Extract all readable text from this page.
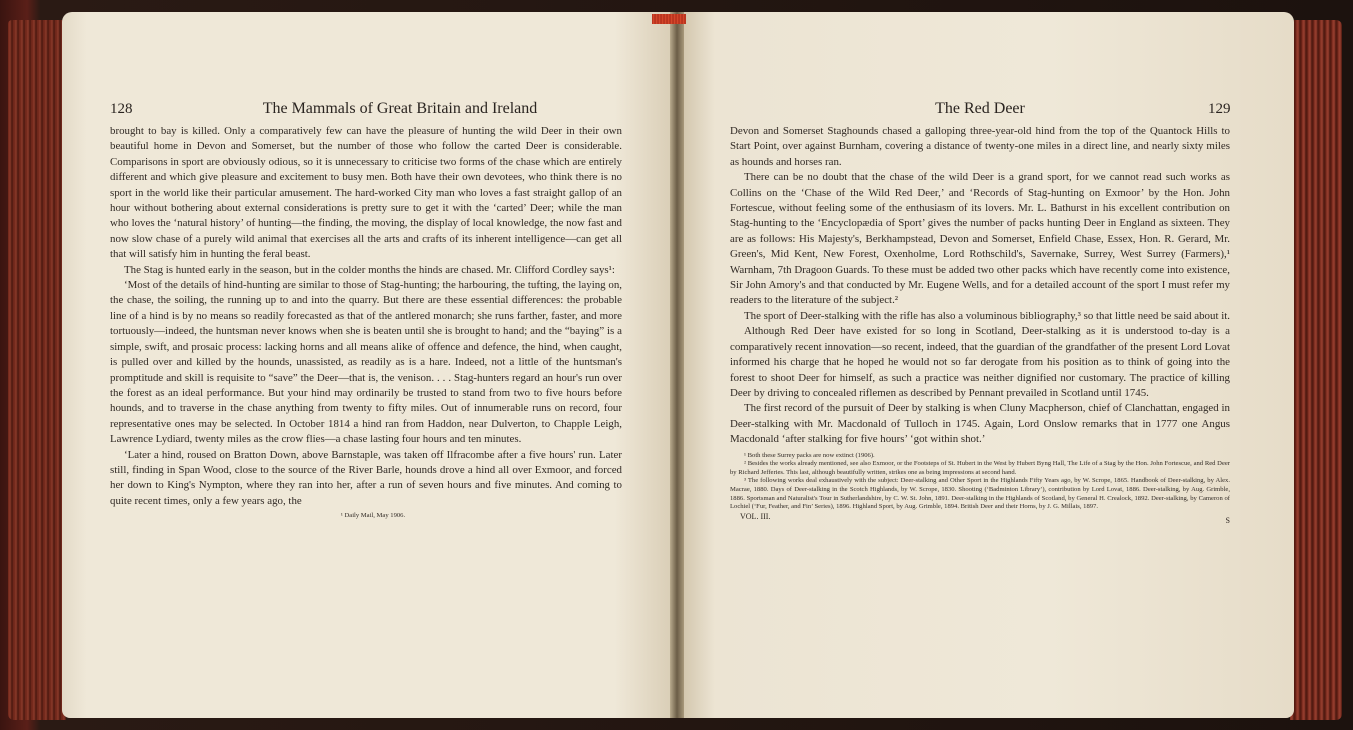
128	The Mammals of Great Britain and Ireland

brought to bay is killed. Only a comparatively few can have the pleasure of hunting the wild Deer in their own beautiful home in Devon and Somerset, but the number of those who follow the carted Deer is considerable. Comparisons in sport are obviously odious, so it is unnecessary to criticise two forms of the chase which are entirely different and which give pleasure and excitement to busy men. Both have their own devotees, who think there is no sport in the world like their particular amusement. The hard-worked City man who loves a fast straight gallop of an hour without bothering about external considerations is pretty sure to get it with the ‘carted’ Deer; while the man who loves the ‘natural history’ of hunting—the finding, the moving, the display of local knowledge, the now fast and now slow chase of a purely wild animal that exercises all the arts and crafts of its inherent intelligence—can get all that will satisfy him in hunting the feral beast.

The Stag is hunted early in the season, but in the colder months the hinds are chased. Mr. Clifford Cordley says¹:

‘Most of the details of hind-hunting are similar to those of Stag-hunting; the harbouring, the tufting, the laying on, the chase, the soiling, the running up to and into the quarry. But there are these essential differences: the probable line of a hind is by no means so readily forecasted as that of the antlered monarch; she runs farther, faster, and more tortuously—indeed, the huntsman never knows when she is beaten until she is brought to hand; and the “baying” is a simple, swift, and prosaic process: lacking horns and all means alike of offence and defence, the hind, when caught, is pulled over and killed by the hounds, unassisted, as readily as is a hare. Indeed, not a little of the huntsman's promptitude and skill is requisite to “save” the Deer—that is, the venison. . . . Stag-hunters regard an hour's run over the forest as an ideal performance. But your hind may ordinarily be trusted to stand from two to five hours before hounds, and to traverse in the chase anything from twenty to fifty miles. Out of innumerable runs on record, four representative ones may be selected. In October 1814 a hind ran from Haddon, near Dulverton, to Chapple Leigh, Lawrence Lydiard, twenty miles as the crow flies—a chase lasting four hours and ten minutes.

‘Later a hind, roused on Bratton Down, above Barnstaple, was taken off Ilfracombe after a five hours' run. Later still, finding in Span Wood, close to the source of the River Barle, hounds drove a hind all over Exmoor, and forced her down to King's Nympton, where they ran into her, after a run of seven hours and five minutes. And coming to quite recent times, only a few years ago, the

¹ Daily Mail, May 1906.

The Red Deer	129

Devon and Somerset Staghounds chased a galloping three-year-old hind from the top of the Quantock Hills to Start Point, over against Burnham, covering a distance of twenty-one miles in a direct line, and nearly sixty miles as hounds and horses ran.

There can be no doubt that the chase of the wild Deer is a grand sport, for we cannot read such works as Collins on the ‘Chase of the Wild Red Deer,’ and ‘Records of Stag-hunting on Exmoor’ by the Hon. John Fortescue, without feeling some of the enthusiasm of its lovers. Mr. L. Bathurst in his excellent contribution on Stag-hunting to the ‘Encyclopædia of Sport’ gives the number of packs hunting Deer in England as sixteen. They are as follows: His Majesty's, Berkhampstead, Devon and Somerset, Enfield Chase, Essex, Hon. R. Gerard, Mr. Green's, Mid Kent, New Forest, Oxenholme, Lord Rothschild's, Savernake, Surrey, West Surrey (Farmers),¹ Warnham, 7th Dragoon Guards. To these must be added two other packs which have recently come into existence, Sir John Amory's and that conducted by Mr. Eugene Wells, and for a detailed account of the sport I must refer my readers to the literature of the subject.²

The sport of Deer-stalking with the rifle has also a voluminous bibliography,³ so that little need be said about it.

Although Red Deer have existed for so long in Scotland, Deer-stalking as it is understood to-day is a comparatively recent innovation—so recent, indeed, that the guardian of the grandfather of the present Lord Lovat informed his charge that he hoped he would not so far derogate from his position as to think of going into the forest to shoot Deer for himself, as such a practice was neither dignified nor customary. The practice of killing Deer by driving to concealed riflemen as described by Pennant prevailed in Scotland until 1745.

The first record of the pursuit of Deer by stalking is when Cluny Macpherson, chief of Clanchattan, engaged in Deer-stalking with Mr. Macdonald of Tulloch in 1745. Again, Lord Onslow remarks that in 1777 one Angus Macdonald ‘after stalking for five hours’ ‘got within shot.’

¹ Both these Surrey packs are now extinct (1906).

² Besides the works already mentioned, see also Exmoor, or the Footsteps of St. Hubert in the West by Hubert Byng Hall, The Life of a Stag by the Hon. John Fortescue, and Red Deer by Richard Jefferies. This last, although beautifully written, strikes one as being impressions at second hand.

³ The following works deal exhaustively with the subject: Deer-stalking and Other Sport in the Highlands Fifty Years ago, by W. Scrope, 1865. Handbook of Deer-stalking, by Alex. Macrae, 1880. Days of Deer-stalking in the Scotch Highlands, by W. Scrope, 1830. Shooting (‘Badminton Library’), contribution by Lord Lovat, 1886. Deer-stalking, by Aug. Grimble, 1886. Sportsman and Naturalist's Tour in Sutherlandshire, by C. W. St. John, 1891. Deer-stalking in the Highlands of Scotland, by General H. Crealock, 1892. Deer-stalking, by Cameron of Lochiel (‘Fur, Feather, and Fin’ Series), 1896. Highland Sport, by Aug. Grimble, 1894. British Deer and their Horns, by J. G. Millais, 1897.

VOL. III.	S
